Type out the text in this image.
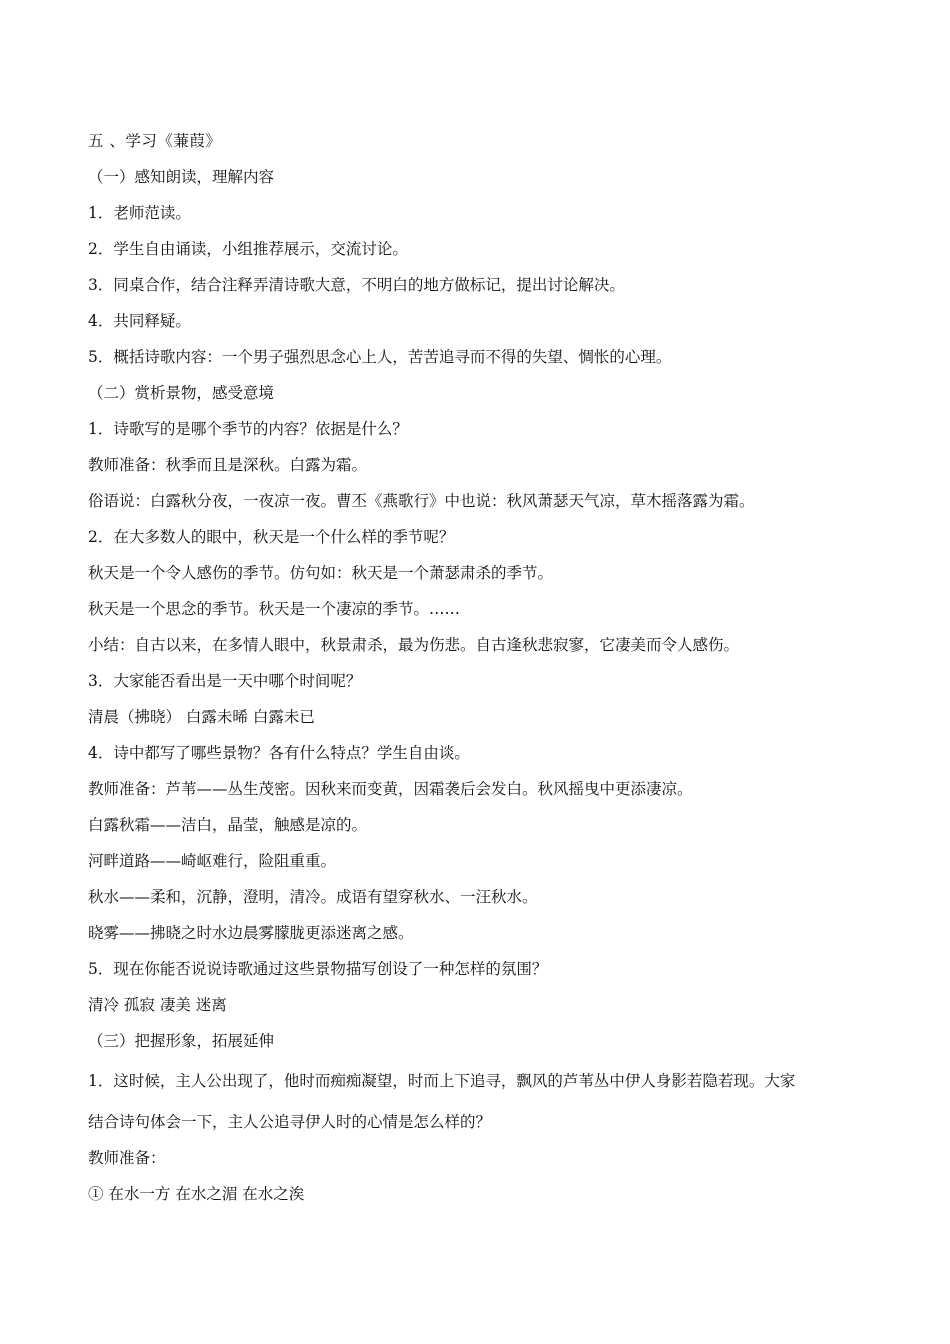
五 、学习《蒹葭》
（一）感知朗读，理解内容
1．老师范读。
2．学生自由诵读，小组推荐展示，交流讨论。
3．同桌合作，结合注释弄清诗歌大意，不明白的地方做标记，提出讨论解决。
4．共同释疑。
5．概括诗歌内容：一个男子强烈思念心上人，苦苦追寻而不得的失望、惆怅的心理。
（二）赏析景物，感受意境
1．诗歌写的是哪个季节的内容？依据是什么？
教师准备：秋季而且是深秋。白露为霜。
俗语说：白露秋分夜，一夜凉一夜。曹丕《燕歌行》中也说：秋风萧瑟天气凉，草木摇落露为霜。
2．在大多数人的眼中，秋天是一个什么样的季节呢？
秋天是一个令人感伤的季节。仿句如：秋天是一个萧瑟肃杀的季节。
秋天是一个思念的季节。秋天是一个凄凉的季节。……
小结：自古以来，在多情人眼中，秋景肃杀，最为伤悲。自古逢秋悲寂寥，它凄美而令人感伤。
3．大家能否看出是一天中哪个时间呢？
清晨（拂晓） 白露未晞 白露未已
4．诗中都写了哪些景物？各有什么特点？学生自由谈。
教师准备：芦苇——丛生茂密。因秋来而变黄，因霜袭后会发白。秋风摇曳中更添凄凉。
白露秋霜——洁白，晶莹，触感是凉的。
河畔道路——崎岖难行，险阻重重。
秋水——柔和，沉静，澄明，清冷。成语有望穿秋水、一汪秋水。
晓雾——拂晓之时水边晨雾朦胧更添迷离之感。
5．现在你能否说说诗歌通过这些景物描写创设了一种怎样的氛围？
清冷 孤寂 凄美 迷离
（三）把握形象，拓展延伸
1．这时候，主人公出现了，他时而痴痴凝望，时而上下追寻，飘风的芦苇丛中伊人身影若隐若现。大家
结合诗句体会一下，主人公追寻伊人时的心情是怎么样的？
教师准备：
① 在水一方 在水之湄 在水之涘
